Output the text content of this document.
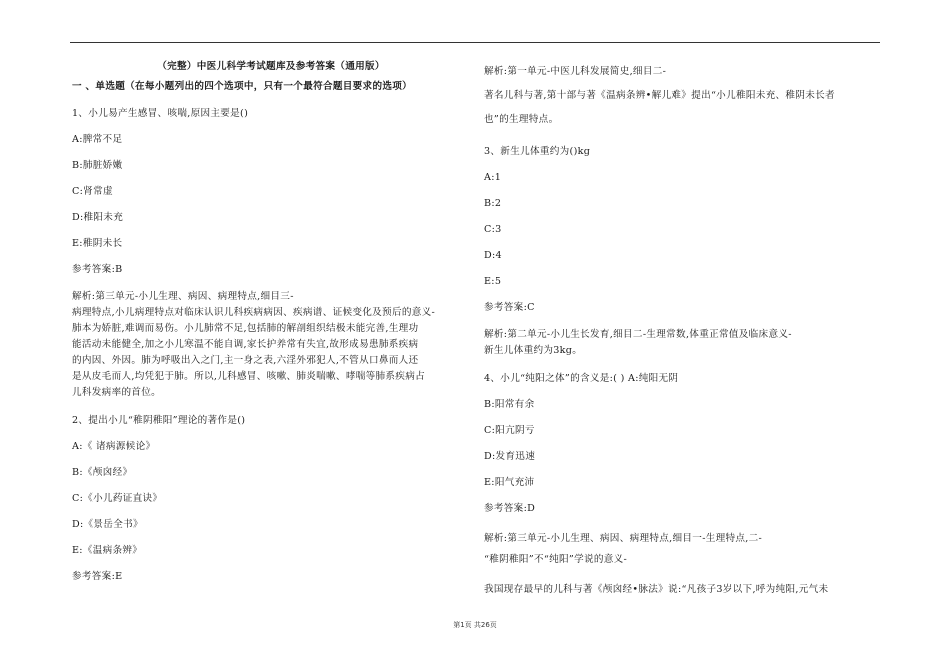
（完整）中医儿科学考试题库及参考答案（通用版）
一 、单选题（在每小题列出的四个选项中，只有一个最符合题目要求的选项）
1、小儿易产生感冒、咳喘,原因主要是()
A:脾常不足
B:肺脏娇嫩
C:肾常虚
D:稚阳未充
E:稚阴未长
参考答案:B
解析:第三单元-小儿生理、病因、病理特点,细目三-
病理特点,小儿病理特点对临床认识儿科疾病病因、疾病谱、证候变化及预后的意义-
肺本为娇脏,难调而易伤。小儿肺常不足,包括肺的解剖组织结极未能完善,生理功
能活动未能健全,加之小儿寒温不能自调,家长护养常有失宜,故形成易患肺系疾病
的内因、外因。肺为呼吸出入之门,主一身之表,六淫外邪犯人,不管从口鼻而人还
是从皮毛而人,均凭犯于肺。所以,儿科感冒、咳嗽、肺炎喘嗽、哮喘等肺系疾病占
儿科发病率的首位。
2、提出小儿“稚阴稚阳”理论的著作是()
A:《 诸病源候论》
B:《颅囟经》
C:《小儿药证直诀》
D:《景岳全书》
E:《温病条辨》
参考答案:E
解析:第一单元-中医儿科发展简史,细目二-
著名儿科与著,第十部与著《温病条辨•解儿难》提出“小儿稚阳未充、稚阴未长者
也”的生理特点。
3、新生儿体重约为()kg
A:1
B:2
C:3
D:4
E:5
参考答案:C
解析:第二单元-小儿生长发育,细目二-生理常数,体重正常值及临床意义-
新生儿体重约为3kg。
4、小儿“纯阳之体”的含义是:( ) A:纯阳无阴
B:阳常有余
C:阳亢阴亏
D:发育迅速
E:阳气充沛
参考答案:D
解析:第三单元-小儿生理、病因、病理特点,细目一-生理特点,二-
“稚阴稚阳”不“纯阳”学说的意义-
我国现存最早的儿科与著《颅囟经•脉法》说:“凡孩子3岁以下,呼为纯阳,元气未
第1页 共26页
